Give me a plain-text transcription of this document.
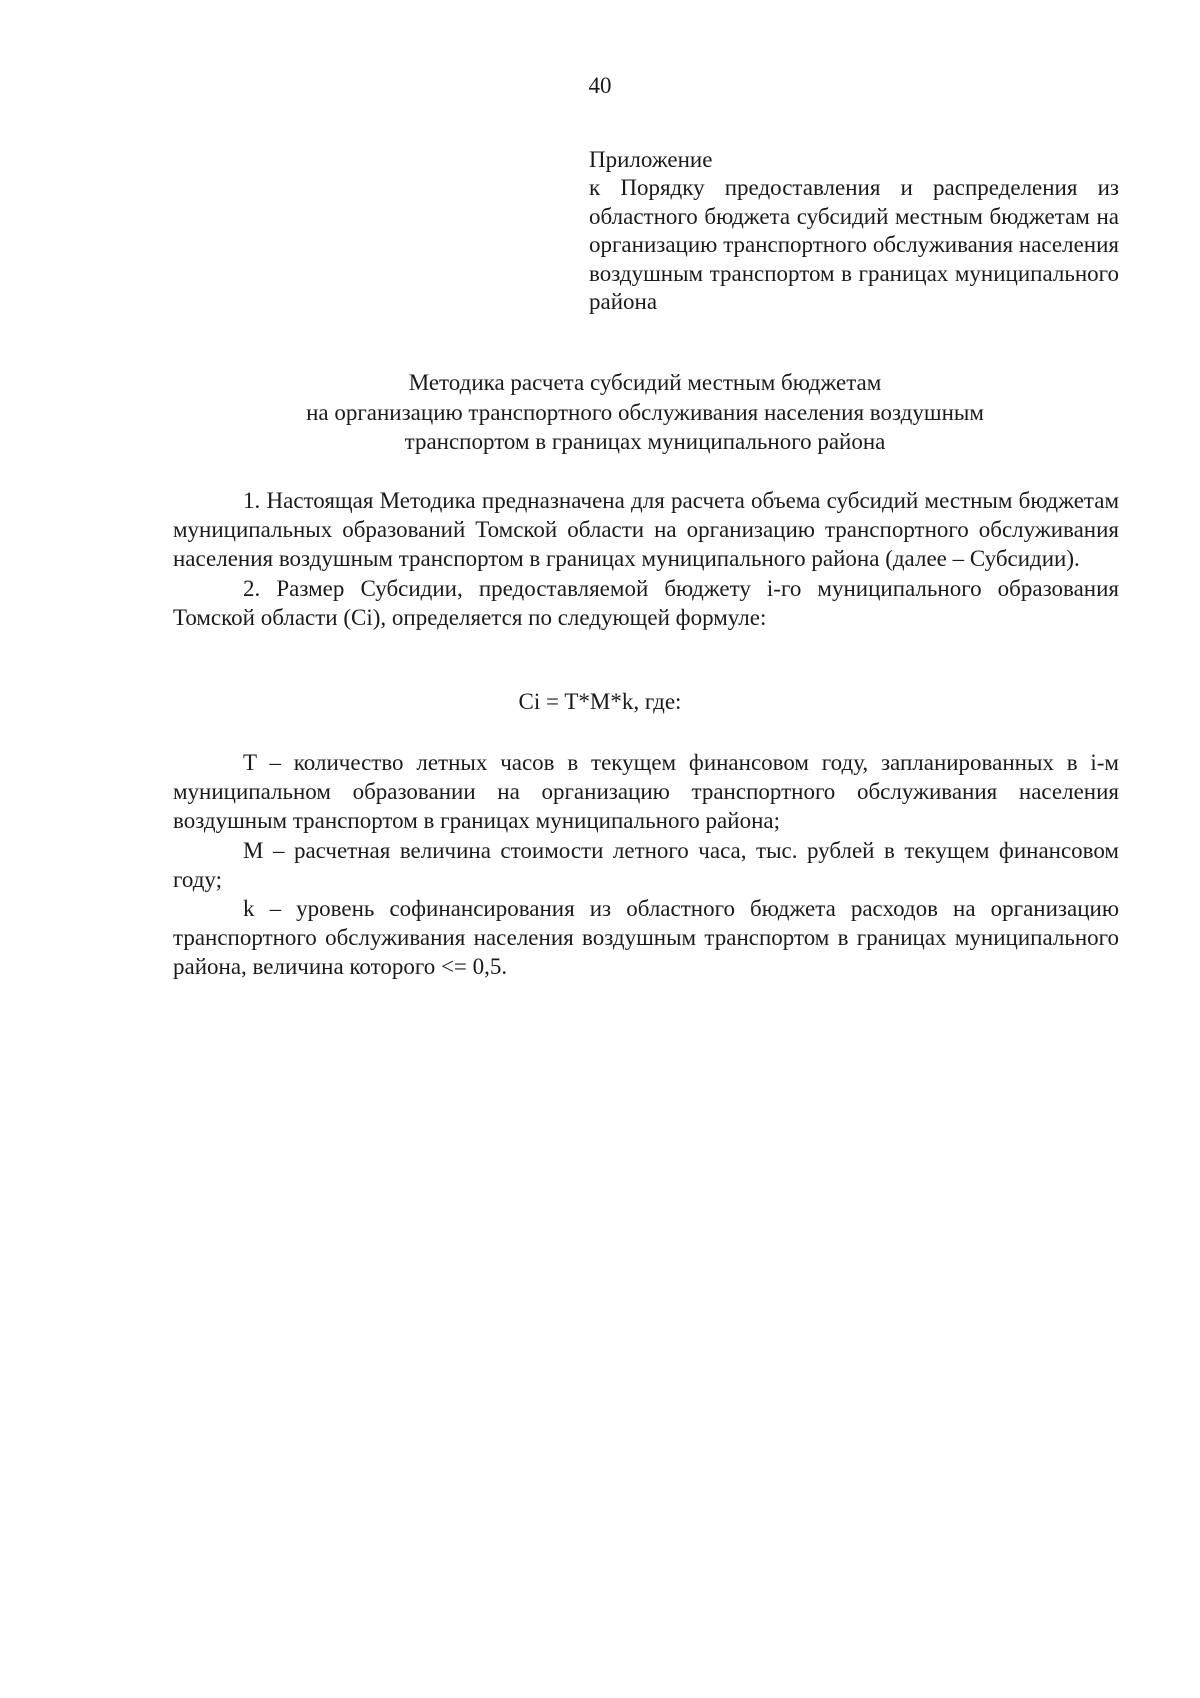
40
Приложение
к Порядку предоставления и распределения из областного бюджета субсидий местным бюджетам на организацию транспортного обслуживания населения воздушным транспортом в границах муниципального района
Методика расчета субсидий местным бюджетам
на организацию транспортного обслуживания населения воздушным
транспортом в границах муниципального района

1. Настоящая Методика предназначена для расчета объема субсидий местным бюджетам муниципальных образований Томской области на организацию транспортного обслуживания населения воздушным транспортом в границах муниципального района (далее – Субсидии).

2. Размер Субсидии, предоставляемой бюджету i-го муниципального образования Томской области (Ci), определяется по следующей формуле:

Ci = T*M*k, где:

T – количество летных часов в текущем финансовом году, запланированных в i-м муниципальном образовании на организацию транспортного обслуживания населения воздушным транспортом в границах муниципального района;

M – расчетная величина стоимости летного часа, тыс. рублей в текущем финансовом году;

k – уровень софинансирования из областного бюджета расходов на организацию транспортного обслуживания населения воздушным транспортом в границах муниципального района, величина которого <= 0,5.
